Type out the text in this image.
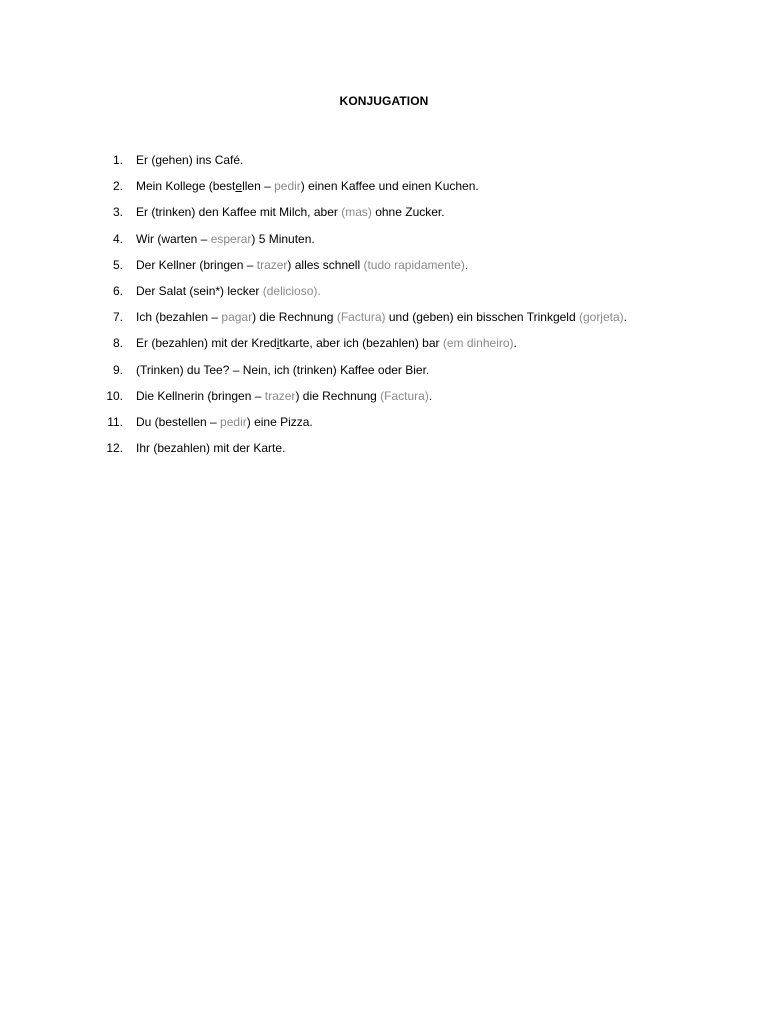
KONJUGATION
1. Er (gehen) ins Café.
2. Mein Kollege (bestellen – pedir) einen Kaffee und einen Kuchen.
3. Er (trinken) den Kaffee mit Milch, aber (mas) ohne Zucker.
4. Wir (warten – esperar) 5 Minuten.
5. Der Kellner (bringen – trazer) alles schnell (tudo rapidamente).
6. Der Salat (sein*) lecker (delicioso).
7. Ich (bezahlen – pagar) die Rechnung (Factura) und (geben) ein bisschen Trinkgeld (gorjeta).
8. Er (bezahlen) mit der Kreditkarte, aber ich (bezahlen) bar (em dinheiro).
9. (Trinken) du Tee? – Nein, ich (trinken) Kaffee oder Bier.
10. Die Kellnerin (bringen – trazer) die Rechnung (Factura).
11. Du (bestellen – pedir) eine Pizza.
12. Ihr (bezahlen) mit der Karte.
